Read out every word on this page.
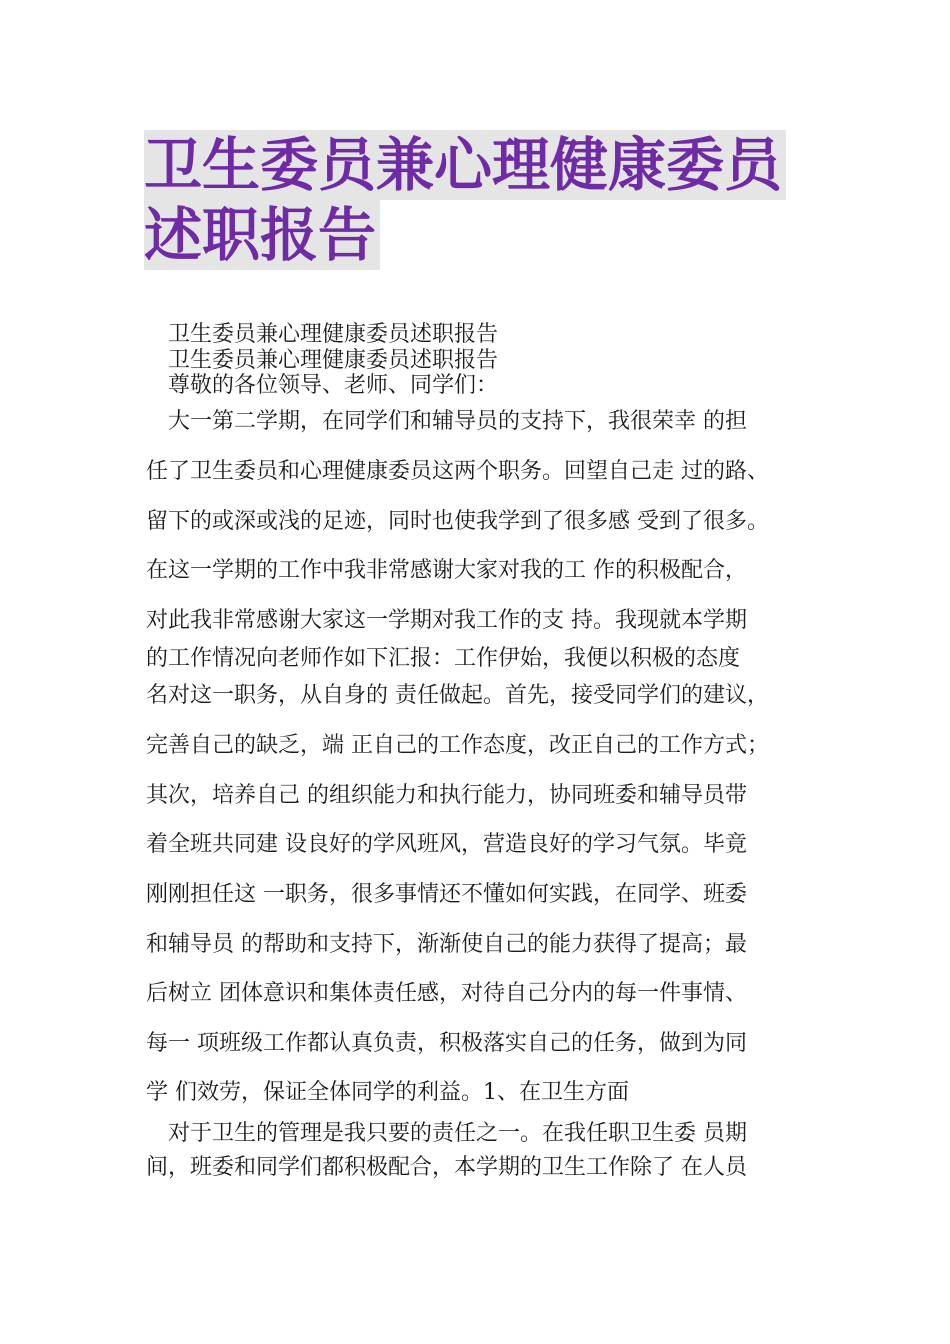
卫生委员兼心理健康委员
述职报告
卫生委员兼心理健康委员述职报告
卫生委员兼心理健康委员述职报告
尊敬的各位领导、老师、同学们：
大一第二学期，在同学们和辅导员的支持下，我很荣幸 的担
任了卫生委员和心理健康委员这两个职务。回望自己走 过的路、
留下的或深或浅的足迹，同时也使我学到了很多感 受到了很多。
在这一学期的工作中我非常感谢大家对我的工 作的积极配合，
对此我非常感谢大家这一学期对我工作的支 持。我现就本学期
的工作情况向老师作如下汇报：工作伊始，我便以积极的态度
名对这一职务，从自身的 责任做起。首先，接受同学们的建议，
完善自己的缺乏，端 正自己的工作态度，改正自己的工作方式；
其次，培养自己 的组织能力和执行能力，协同班委和辅导员带
着全班共同建 设良好的学风班风，营造良好的学习气氛。毕竟
刚刚担任这 一职务，很多事情还不懂如何实践，在同学、班委
和辅导员 的帮助和支持下，渐渐使自己的能力获得了提高；最
后树立 团体意识和集体责任感，对待自己分内的每一件事情、
每一 项班级工作都认真负责，积极落实自己的任务，做到为同
学 们效劳，保证全体同学的利益。1、在卫生方面
对于卫生的管理是我只要的责任之一。在我任职卫生委 员期
间，班委和同学们都积极配合，本学期的卫生工作除了 在人员
